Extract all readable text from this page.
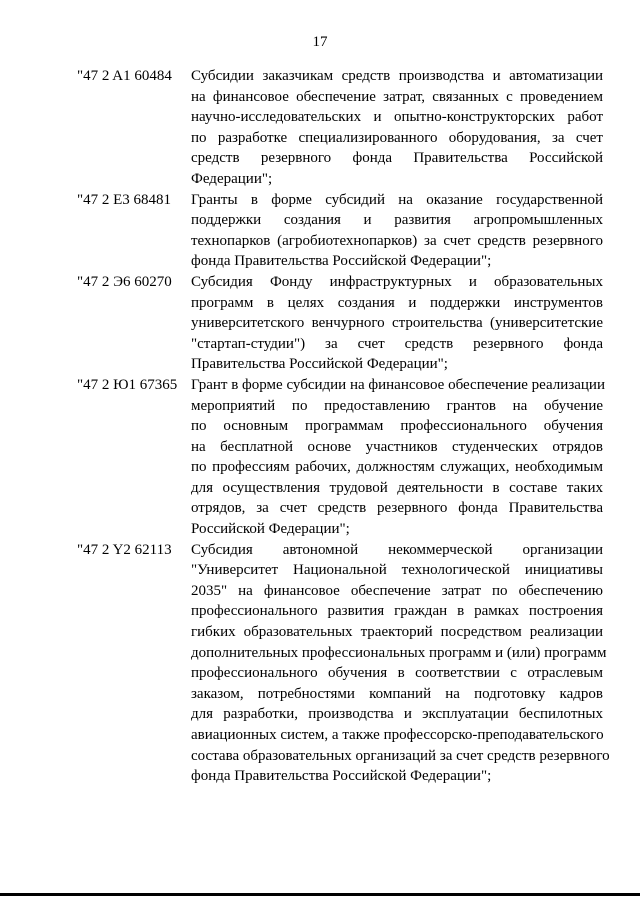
17
"47 2 A1 60484 Субсидии заказчикам средств производства и автоматизации
на финансовое обеспечение затрат, связанных с проведением
научно-исследовательских и опытно-конструкторских работ
по разработке специализированного оборудования, за счет
средств резервного фонда Правительства Российской
Федерации";
"47 2 E3 68481 Гранты в форме субсидий на оказание государственной
поддержки создания и развития агропромышленных
технопарков (агробиотехнопарков) за счет средств резервного
фонда Правительства Российской Федерации";
"47 2 Э6 60270 Субсидия Фонду инфраструктурных и образовательных
программ в целях создания и поддержки инструментов
университетского венчурного строительства (университетские
"стартап-студии") за счет средств резервного фонда
Правительства Российской Федерации";
"47 2 Ю1 67365 Грант в форме субсидии на финансовое обеспечение реализации
мероприятий по предоставлению грантов на обучение
по основным программам профессионального обучения
на бесплатной основе участников студенческих отрядов
по профессиям рабочих, должностям служащих, необходимым
для осуществления трудовой деятельности в составе таких
отрядов, за счет средств резервного фонда Правительства
Российской Федерации";
"47 2 Y2 62113 Субсидия автономной некоммерческой организации
"Университет Национальной технологической инициативы
2035" на финансовое обеспечение затрат по обеспечению
профессионального развития граждан в рамках построения
гибких образовательных траекторий посредством реализации
дополнительных профессиональных программ и (или) программ
профессионального обучения в соответствии с отраслевым
заказом, потребностями компаний на подготовку кадров
для разработки, производства и эксплуатации беспилотных
авиационных систем, а также профессорско-преподавательского
состава образовательных организаций за счет средств резервного
фонда Правительства Российской Федерации";
